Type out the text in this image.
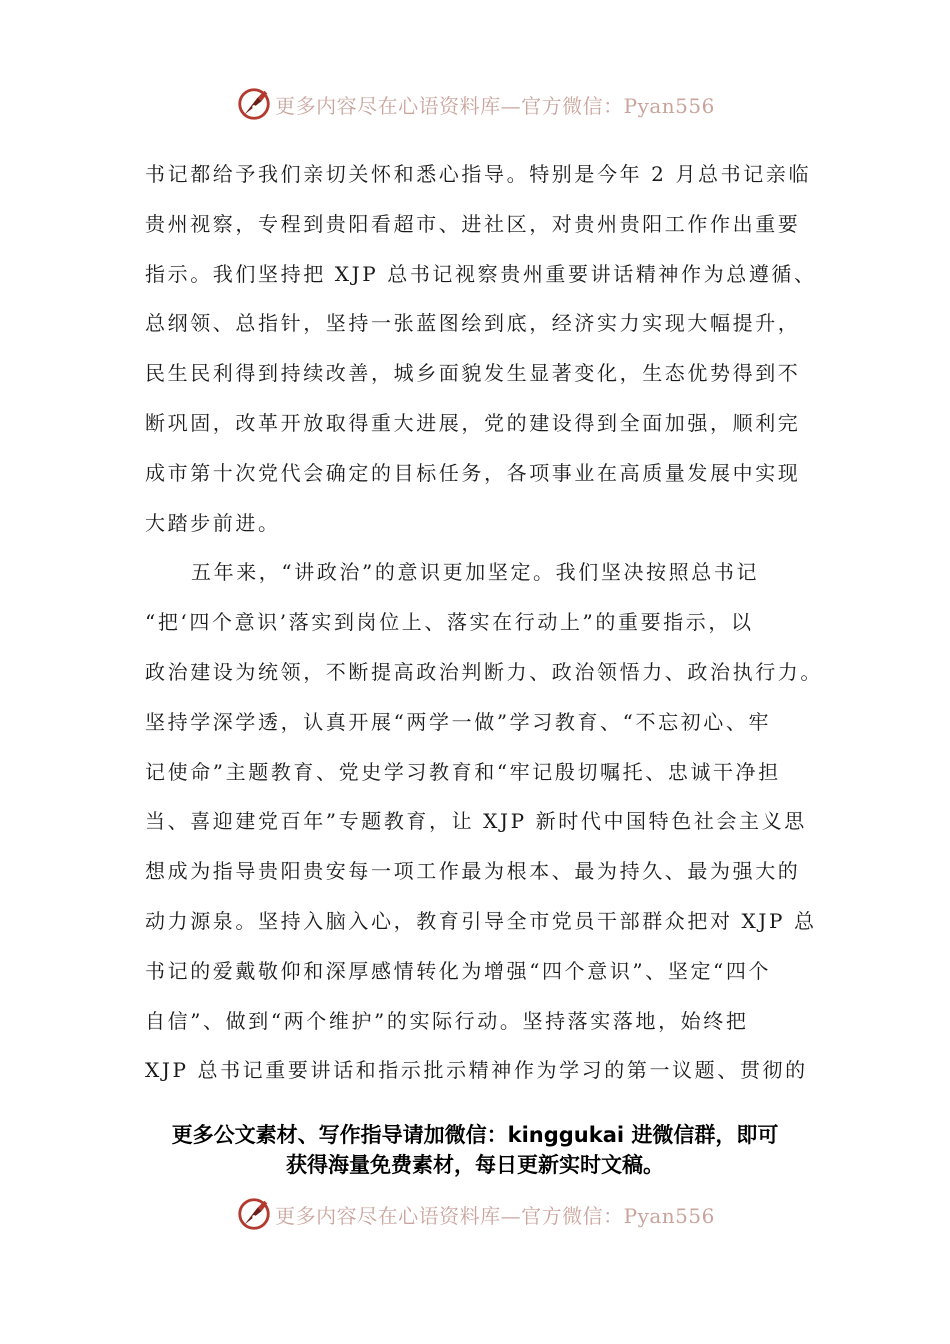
更多内容尽在心语资料库—官方微信：Pyan556
书记都给予我们亲切关怀和悉心指导。特别是今年 2 月总书记亲临
贵州视察，专程到贵阳看超市、进社区，对贵州贵阳工作作出重要
指示。我们坚持把 XJP 总书记视察贵州重要讲话精神作为总遵循、
总纲领、总指针，坚持一张蓝图绘到底，经济实力实现大幅提升，
民生民利得到持续改善，城乡面貌发生显著变化，生态优势得到不
断巩固，改革开放取得重大进展，党的建设得到全面加强，顺利完
成市第十次党代会确定的目标任务，各项事业在高质量发展中实现
大踏步前进。
五年来，“讲政治”的意识更加坚定。我们坚决按照总书记
“把‘四个意识’落实到岗位上、落实在行动上”的重要指示，以
政治建设为统领，不断提高政治判断力、政治领悟力、政治执行力。
坚持学深学透，认真开展“两学一做”学习教育、“不忘初心、牢
记使命”主题教育、党史学习教育和“牢记殷切嘱托、忠诚干净担
当、喜迎建党百年”专题教育，让 XJP 新时代中国特色社会主义思
想成为指导贵阳贵安每一项工作最为根本、最为持久、最为强大的
动力源泉。坚持入脑入心，教育引导全市党员干部群众把对 XJP 总
书记的爱戴敬仰和深厚感情转化为增强“四个意识”、坚定“四个
自信”、做到“两个维护”的实际行动。坚持落实落地，始终把
XJP 总书记重要讲话和指示批示精神作为学习的第一议题、贯彻的
更多公文素材、写作指导请加微信：kinggukai 进微信群，即可
获得海量免费素材，每日更新实时文稿。
更多内容尽在心语资料库—官方微信：Pyan556
